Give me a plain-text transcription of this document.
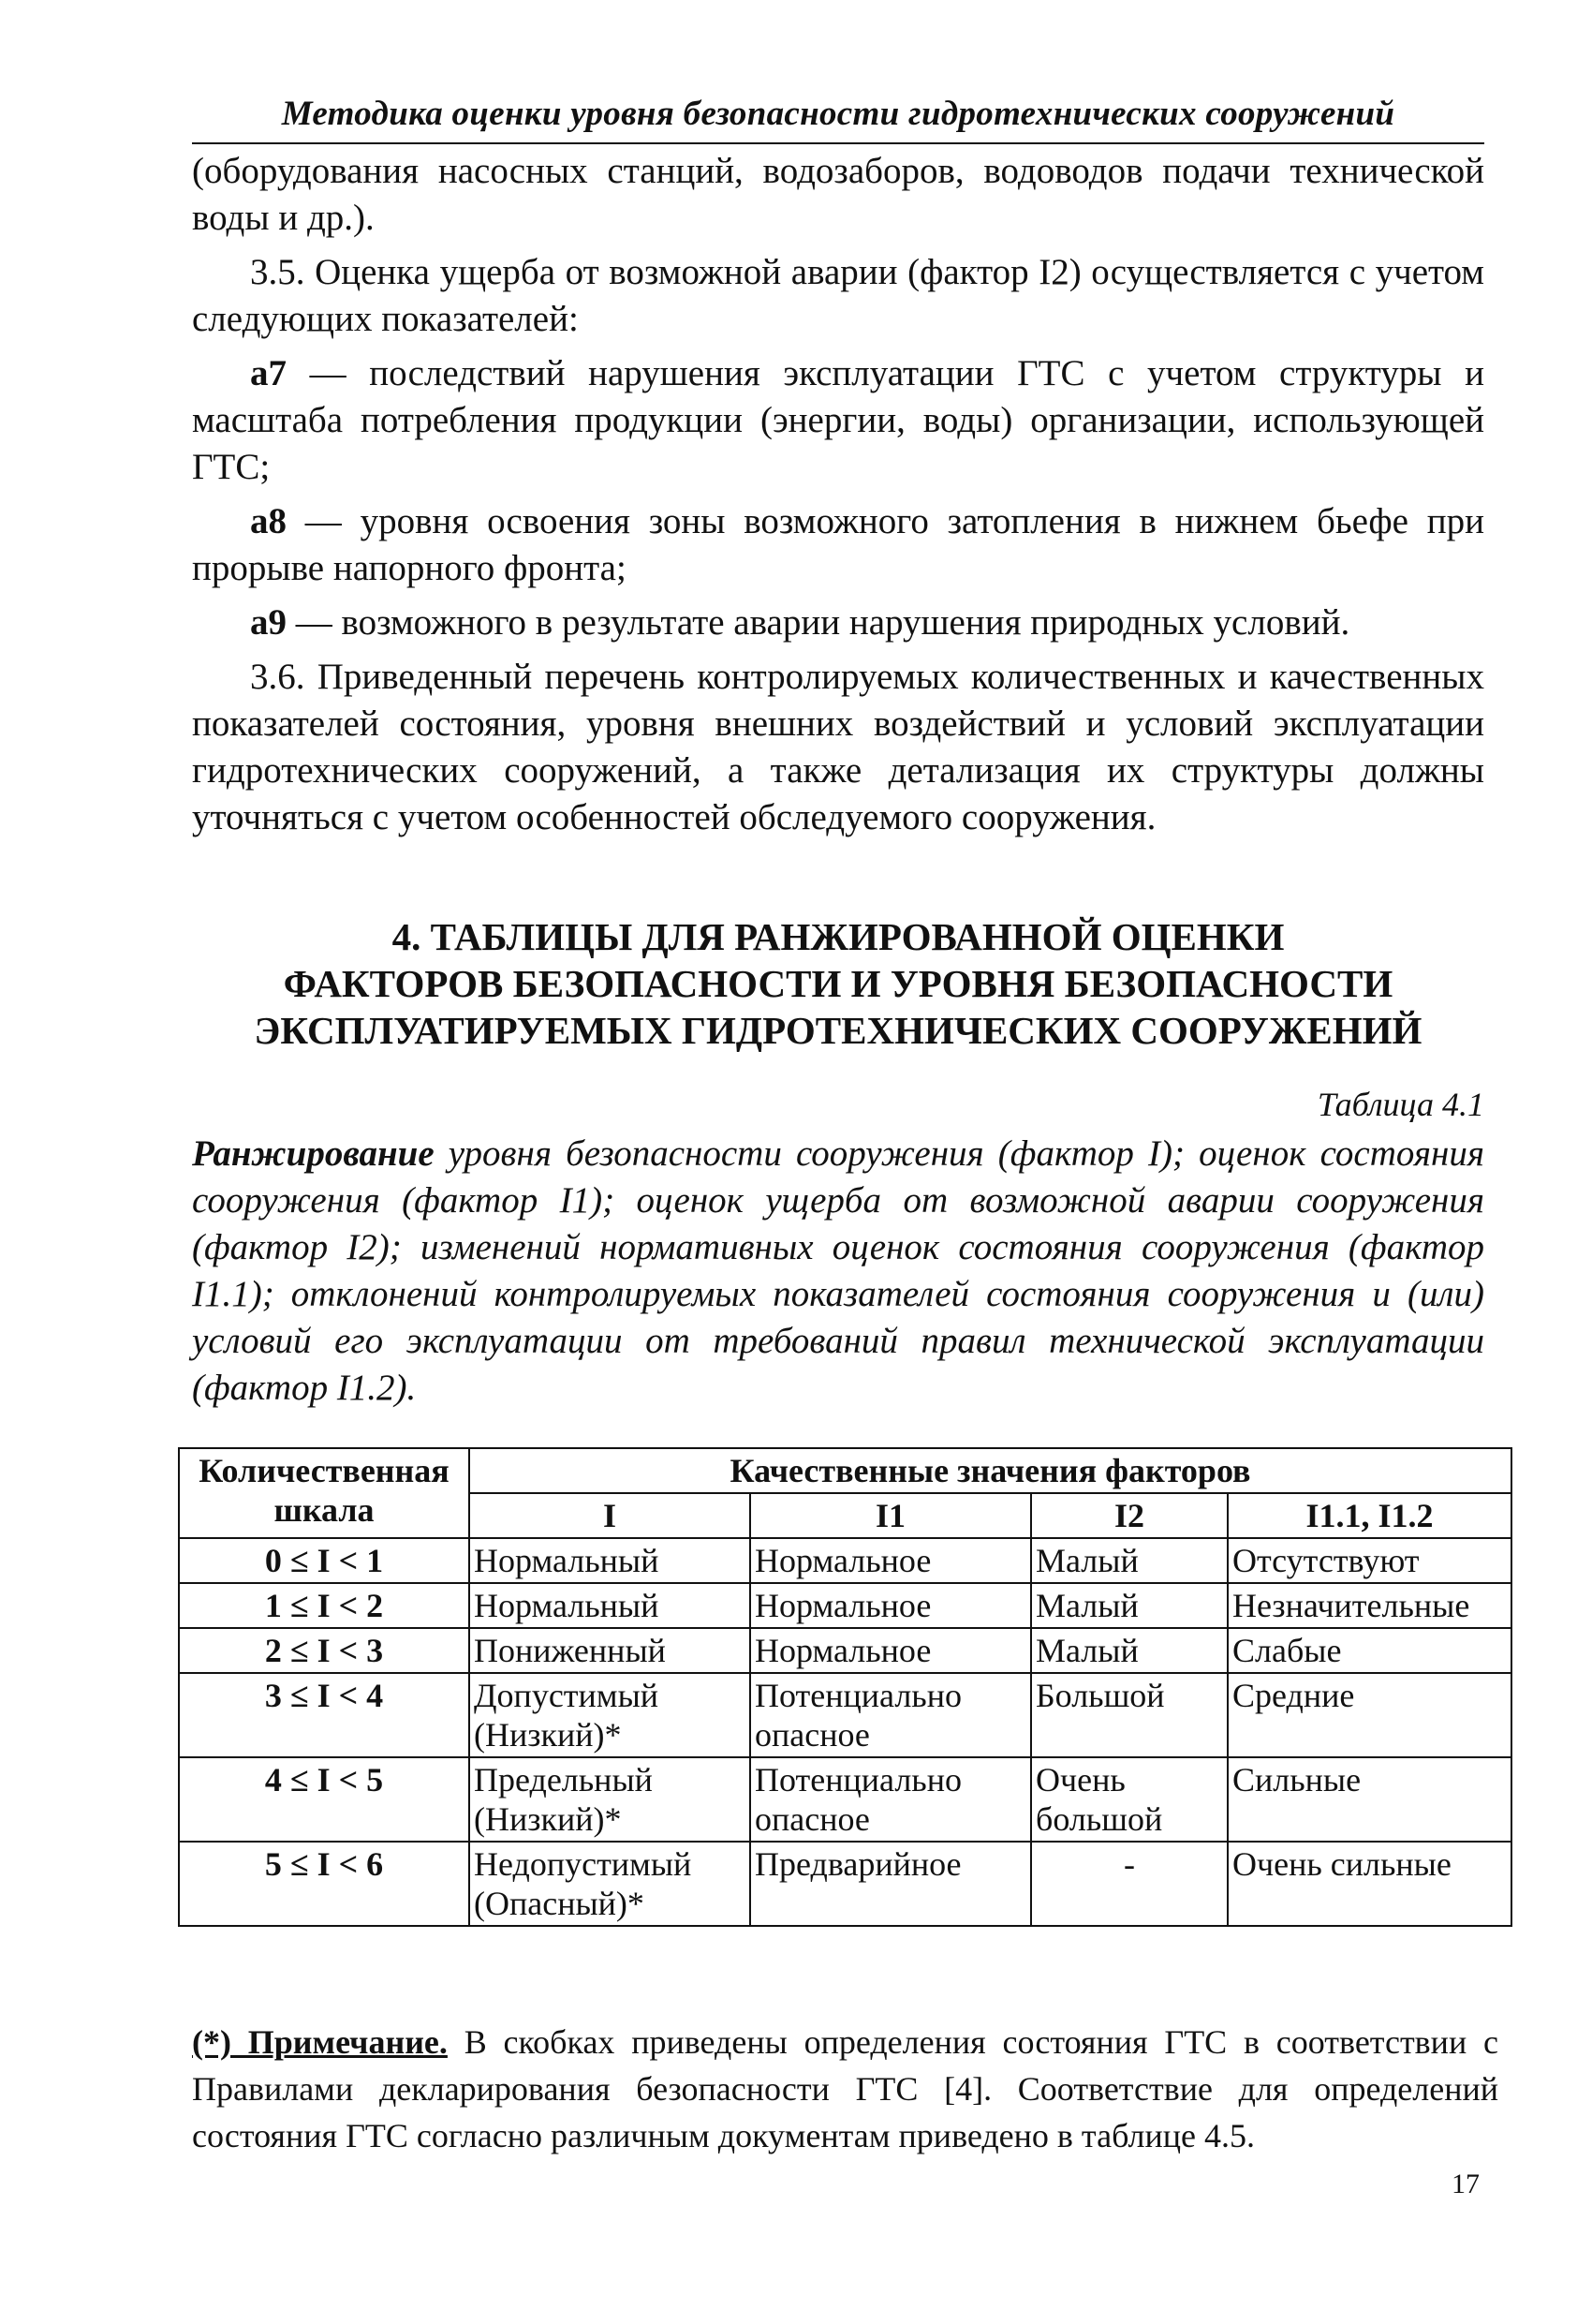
Методика оценки уровня безопасности гидротехнических сооружений

(оборудования насосных станций, водозаборов, водоводов подачи технической воды и др.).

3.5. Оценка ущерба от возможной аварии (фактор I2) осуществляется с учетом следующих показателей:

a7 — последствий нарушения эксплуатации ГТС с учетом структуры и масштаба потребления продукции (энергии, воды) организации, использующей ГТС;

a8 — уровня освоения зоны возможного затопления в нижнем бьефе при прорыве напорного фронта;

a9 — возможного в результате аварии нарушения природных условий.

3.6. Приведенный перечень контролируемых количественных и качественных показателей состояния, уровня внешних воздействий и условий эксплуатации гидротехнических сооружений, а также детализация их структуры должны уточняться с учетом особенностей обследуемого сооружения.

4. ТАБЛИЦЫ ДЛЯ РАНЖИРОВАННОЙ ОЦЕНКИ
ФАКТОРОВ БЕЗОПАСНОСТИ И УРОВНЯ БЕЗОПАСНОСТИ
ЭКСПЛУАТИРУЕМЫХ ГИДРОТЕХНИЧЕСКИХ СООРУЖЕНИЙ
Таблица 4.1
Ранжирование уровня безопасности сооружения (фактор I); оценок состояния сооружения (фактор I1); оценок ущерба от возможной аварии сооружения (фактор I2); изменений нормативных оценок состояния сооружения (фактор I1.1); отклонений контролируемых показателей состояния сооружения и (или) условий его эксплуатации от требований правил технической эксплуатации (фактор I1.2).
Количественная шкала	Качественные значения факторов			
	I	I1	I2	I1.1, I1.2
0 ≤ I < 1	Нормальный	Нормальное	Малый	Отсутствуют
1 ≤ I < 2	Нормальный	Нормальное	Малый	Незначительные
2 ≤ I < 3	Пониженный	Нормальное	Малый	Слабые
3 ≤ I < 4	Допустимый (Низкий)*	Потенциально опасное	Большой	Средние
4 ≤ I < 5	Предельный (Низкий)*	Потенциально опасное	Очень большой	Сильные
5 ≤ I < 6	Недопустимый (Опасный)*	Предварийное	-	Очень сильные
(*) Примечание. В скобках приведены определения состояния ГТС в соответствии с Правилами декларирования безопасности ГТС [4]. Соответствие для определений состояния ГТС согласно различным документам приведено в таблице 4.5.
17
